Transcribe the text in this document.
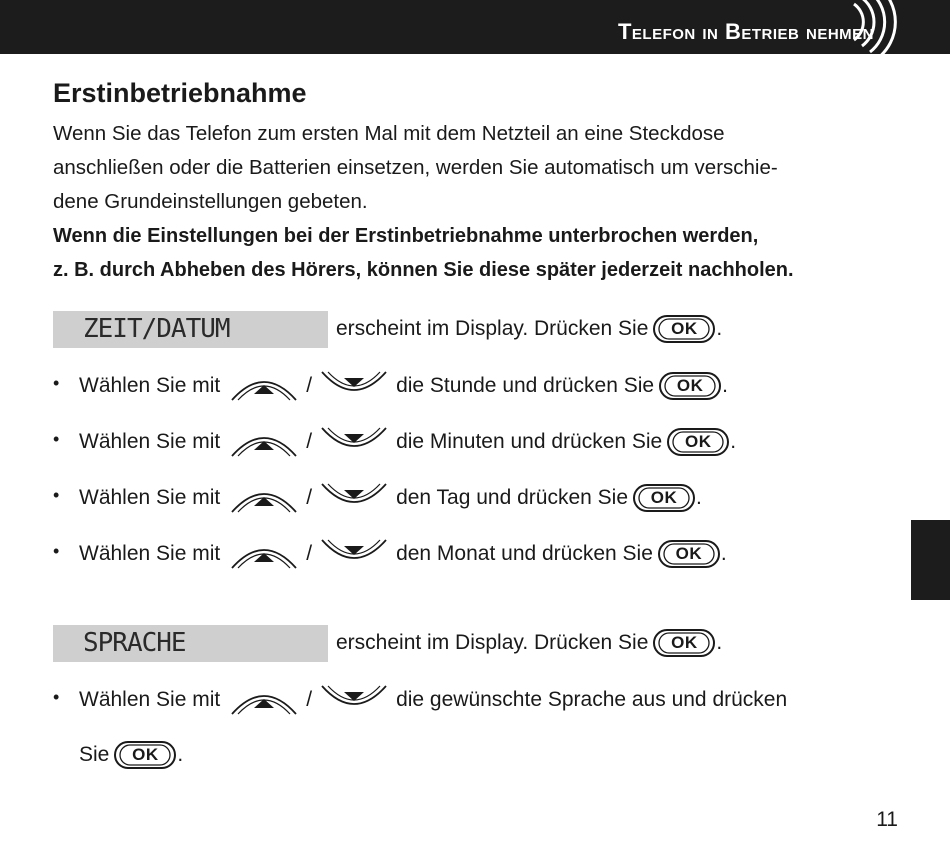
Telefon in Betrieb nehmen
Erstinbetriebnahme

Wenn Sie das Telefon zum ersten Mal mit dem Netzteil an eine Steckdose

anschließen oder die Batterien einsetzen, werden Sie automatisch um verschie-

dene Grundeinstellungen gebeten.

Wenn die Einstellungen bei der Erstinbetriebnahme unterbrochen werden,

z. B. durch Abheben des Hörers, können Sie diese später jederzeit nachholen.

ZEIT/DATUM	erscheint im Display. Drücken Sie OK .
• Wählen Sie mit	/	die Stunde und drücken Sie OK .
• Wählen Sie mit	/	die Minuten und drücken Sie OK .
• Wählen Sie mit	/	den Tag und drücken Sie OK .
• Wählen Sie mit	/	den Monat und drücken Sie OK .
SPRACHE	erscheint im Display. Drücken Sie OK .
• Wählen Sie mit	/	die gewünschte Sprache aus und drücken
Sie OK .
11
